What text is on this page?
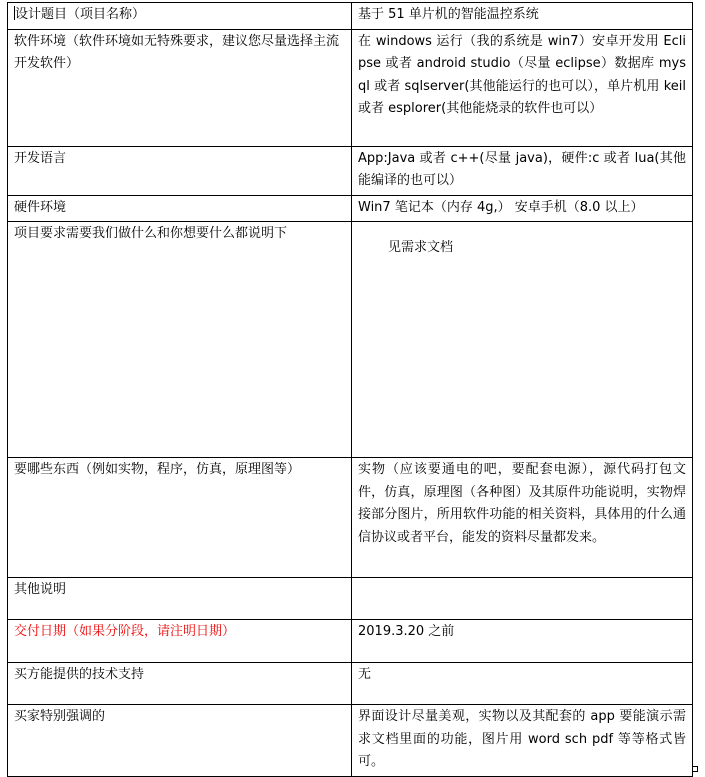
设计题目（项目名称）	基于 51 单片机的智能温控系统
软件环境（软件环境如无特殊要求，建议您尽量选择主流开发软件）	在 windows 运行（我的系统是 win7）安卓开发用 Eclipse 或者 android studio（尽量 eclipse）数据库 mysql 或者 sqlserver(其他能运行的也可以），单片机用 keil 或者 esplorer(其他能烧录的软件也可以）
开发语言	App:Java 或者 c++(尽量 java)，硬件:c 或者 lua(其他能编译的也可以）
硬件环境	Win7 笔记本（内存 4g,） 安卓手机（8.0 以上）
项目要求需要我们做什么和你想要什么都说明下	见需求文档

要哪些东西（例如实物，程序，仿真，原理图等）	实物（应该要通电的吧，要配套电源），源代码打包文件，仿真，原理图（各种图）及其原件功能说明，实物焊接部分图片，所用软件功能的相关资料，具体用的什么通信协议或者平台，能发的资料尽量都发来。
其他说明	
交付日期（如果分阶段，请注明日期）	2019.3.20 之前
买方能提供的技术支持	无
买家特别强调的	界面设计尽量美观，实物以及其配套的 app 要能演示需求文档里面的功能，图片用 word sch pdf 等等格式皆可。
